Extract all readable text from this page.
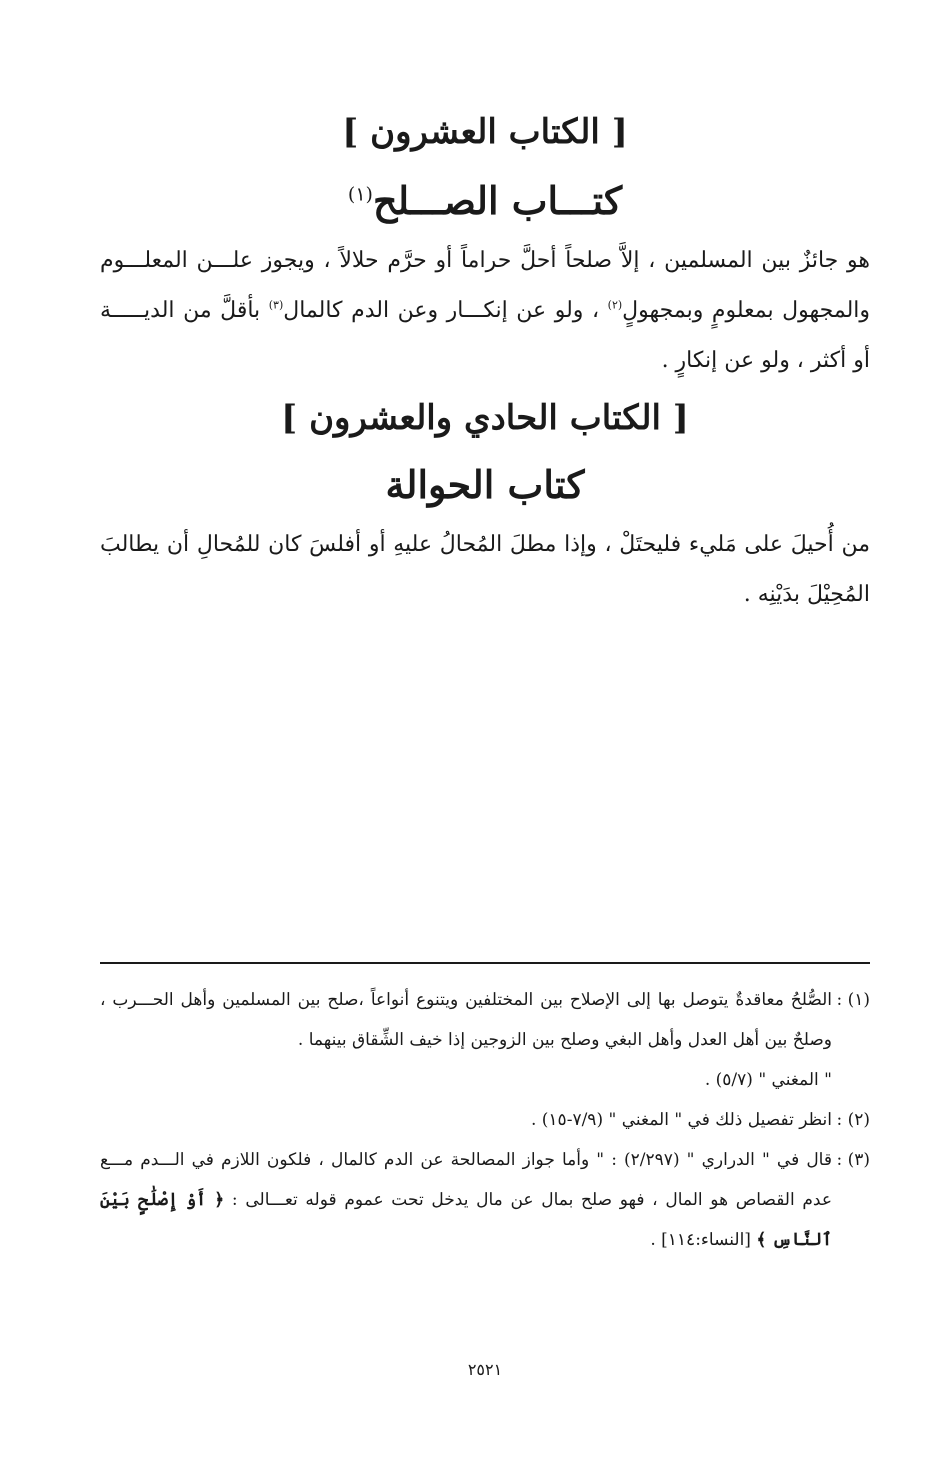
[ الكتاب العشرون ]
كتـــاب الصـــلح$^{(١)}$

هو جائزٌ بين المسلمين ، إلاَّ صلحاً أحلَّ حراماً أو حرَّم حلالاً ، ويجوز علـــن المعلـــوم والمجهول بمعلومٍ وبمجهولٍ$^{(٢)}$ ، ولو عن إنكـــار وعن الدم كالمال$^{(٣)}$ بأقلَّ من الديـــــة أو أكثر ، ولو عن إنكارٍ .

[ الكتاب الحادي والعشرون ]
كتاب الحوالة

من أُحيلَ على مَليء فليحتَلْ ، وإذا مطلَ المُحالُ عليهِ أو أفلسَ كان للمُحالِ أن يطالبَ المُحِيْلَ بدَيْنِه .

(١) :
الصُّلحُ معاقدةٌ يتوصل بها إلى الإصلاح بين المختلفين ويتنوع أنواعاً ،صلح بين المسلمين وأهل الحـــرب ، وصلحٌ بين أهل العدل وأهل البغي وصلح بين الزوجين إذا خيف الشِّقاق بينهما .
" المغني " (٥/٧) .
(٢) :
انظر تفصيل ذلك في " المغني " (٧/٩-١٥) .
(٣) :
قال في " الدراري " (٢/٢٩٧) : " وأما جواز المصالحة عن الدم كالمال ، فلكون اللازم في الـــدم مـــع عدم القصاص هو المال ، فهو صلح بمال عن مال يدخل تحت عموم قوله تعـــالى : ﴿ أَوْ إِصْلَٰحٍ بَيْنَ ٱلنَّاسِ ﴾ [النساء:١١٤] .
٢٥٢١
